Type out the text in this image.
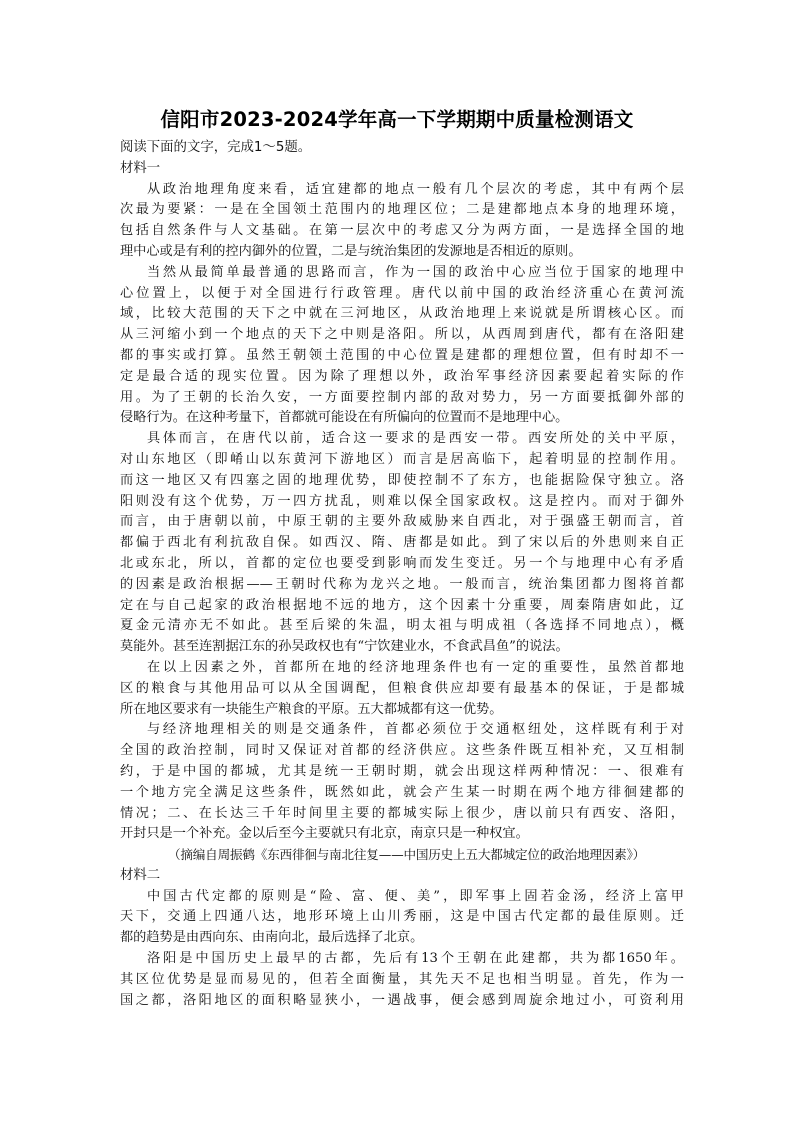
信阳市2023-2024学年高一下学期期中质量检测语文
阅读下面的文字，完成1～5题。
材料一
从政治地理角度来看，适宜建都的地点一般有几个层次的考虑，其中有两个层
次最为要紧：一是在全国领土范围内的地理区位；二是建都地点本身的地理环境，
包括自然条件与人文基础。在第一层次中的考虑又分为两方面，一是选择全国的地
理中心或是有利的控内御外的位置，二是与统治集团的发源地是否相近的原则。
当然从最简单最普通的思路而言，作为一国的政治中心应当位于国家的地理中
心位置上，以便于对全国进行行政管理。唐代以前中国的政治经济重心在黄河流
域，比较大范围的天下之中就在三河地区，从政治地理上来说就是所谓核心区。而
从三河缩小到一个地点的天下之中则是洛阳。所以，从西周到唐代，都有在洛阳建
都的事实或打算。虽然王朝领土范围的中心位置是建都的理想位置，但有时却不一
定是最合适的现实位置。因为除了理想以外，政治军事经济因素要起着实际的作
用。为了王朝的长治久安，一方面要控制内部的敌对势力，另一方面要抵御外部的
侵略行为。在这种考量下，首都就可能设在有所偏向的位置而不是地理中心。
具体而言，在唐代以前，适合这一要求的是西安一带。西安所处的关中平原，
对山东地区（即崤山以东黄河下游地区）而言是居高临下，起着明显的控制作用。
而这一地区又有四塞之固的地理优势，即使控制不了东方，也能据险保守独立。洛
阳则没有这个优势，万一四方扰乱，则难以保全国家政权。这是控内。而对于御外
而言，由于唐朝以前，中原王朝的主要外敌威胁来自西北，对于强盛王朝而言，首
都偏于西北有利抗敌自保。如西汉、隋、唐都是如此。到了宋以后的外患则来自正
北或东北，所以，首都的定位也要受到影响而发生变迁。另一个与地理中心有矛盾
的因素是政治根据——王朝时代称为龙兴之地。一般而言，统治集团都力图将首都
定在与自己起家的政治根据地不远的地方，这个因素十分重要，周秦隋唐如此，辽
夏金元清亦无不如此。甚至后梁的朱温，明太祖与明成祖（各选择不同地点），概
莫能外。甚至连割据江东的孙吴政权也有“宁饮建业水，不食武昌鱼”的说法。
在以上因素之外，首都所在地的经济地理条件也有一定的重要性，虽然首都地
区的粮食与其他用品可以从全国调配，但粮食供应却要有最基本的保证，于是都城
所在地区要求有一块能生产粮食的平原。五大都城都有这一优势。
与经济地理相关的则是交通条件，首都必须位于交通枢纽处，这样既有利于对
全国的政治控制，同时又保证对首都的经济供应。这些条件既互相补充，又互相制
约，于是中国的都城，尤其是统一王朝时期，就会出现这样两种情况：一、很难有
一个地方完全满足这些条件，既然如此，就会产生某一时期在两个地方徘徊建都的
情况；二、在长达三千年时间里主要的都城实际上很少，唐以前只有西安、洛阳，
开封只是一个补充。金以后至今主要就只有北京，南京只是一种权宜。
（摘编自周振鹤《东西徘徊与南北往复——中国历史上五大都城定位的政治地理因素》）
材料二
中国古代定都的原则是“险、富、便、美”，即军事上固若金汤，经济上富甲
天下，交通上四通八达，地形环境上山川秀丽，这是中国古代定都的最佳原则。迁
都的趋势是由西向东、由南向北，最后选择了北京。
洛阳是中国历史上最早的古都，先后有13个王朝在此建都，共为都1650年。
其区位优势是显而易见的，但若全面衡量，其先天不足也相当明显。首先，作为一
国之都，洛阳地区的面积略显狭小，一遇战事，便会感到周旋余地过小，可资利用
